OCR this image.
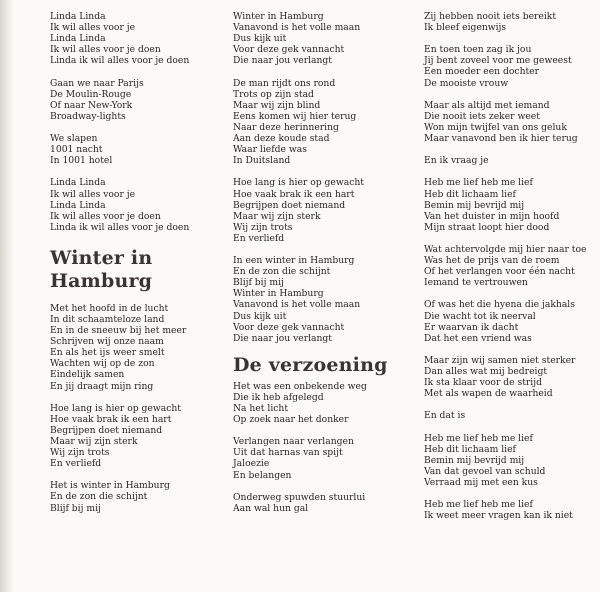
Linda Linda
Ik wil alles voor je
Linda Linda
Ik wil alles voor je doen
Linda ik wil alles voor je doen
Gaan we naar Parijs
De Moulin-Rouge
Of naar New-York
Broadway-lights
We slapen
1001 nacht
In 1001 hotel
Linda Linda
Ik wil alles voor je
Linda Linda
Ik wil alles voor je doen
Linda ik wil alles voor je doen
Winter in
Hamburg
Met het hoofd in de lucht
In dit schaamteloze land
En in de sneeuw bij het meer
Schrijven wij onze naam
En als het ijs weer smelt
Wachten wij op de zon
Eindelijk samen
En jij draagt mijn ring
Hoe lang is hier op gewacht
Hoe vaak brak ik een hart
Begrijpen doet niemand
Maar wij zijn sterk
Wij zijn trots
En verliefd
Het is winter in Hamburg
En de zon die schijnt
Blijf bij mij
Winter in Hamburg
Vanavond is het volle maan
Dus kijk uit
Voor deze gek vannacht
Die naar jou verlangt
De man rijdt ons rond
Trots op zijn stad
Maar wij zijn blind
Eens komen wij hier terug
Naar deze herinnering
Aan deze koude stad
Waar liefde was
In Duitsland
Hoe lang is hier op gewacht
Hoe vaak brak ik een hart
Begrijpen doet niemand
Maar wij zijn sterk
Wij zijn trots
En verliefd
In een winter in Hamburg
En de zon die schijnt
Blijf bij mij
Winter in Hamburg
Vanavond is het volle maan
Dus kijk uit
Voor deze gek vannacht
Die naar jou verlangt
De verzoening
Het was een onbekende weg
Die ik heb afgelegd
Na het licht
Op zoek naar het donker
Verlangen naar verlangen
Uit dat harnas van spijt
Jaloezie
En belangen
Onderweg spuwden stuurlui
Aan wal hun gal
Zij hebben nooit iets bereikt
Ik bleef eigenwijs
En toen toen zag ik jou
Jij bent zoveel voor me geweest
Een moeder een dochter
De mooiste vrouw
Maar als altijd met iemand
Die nooit iets zeker weet
Won mijn twijfel van ons geluk
Maar vanavond ben ik hier terug
En ik vraag je
Heb me lief heb me lief
Heb dit lichaam lief
Bemin mij bevrijd mij
Van het duister in mijn hoofd
Mijn straat loopt hier dood
Wat achtervolgde mij hier naar toe
Was het de prijs van de roem
Of het verlangen voor één nacht
Iemand te vertrouwen
Of was het die hyena die jakhals
Die wacht tot ik neerval
Er waarvan ik dacht
Dat het een vriend was
Maar zijn wij samen niet sterker
Dan alles wat mij bedreigt
Ik sta klaar voor de strijd
Met als wapen de waarheid
En dat is
Heb me lief heb me lief
Heb dit lichaam lief
Bemin mij bevrijd mij
Van dat gevoel van schuld
Verraad mij met een kus
Heb me lief heb me lief
Ik weet meer vragen kan ik niet
